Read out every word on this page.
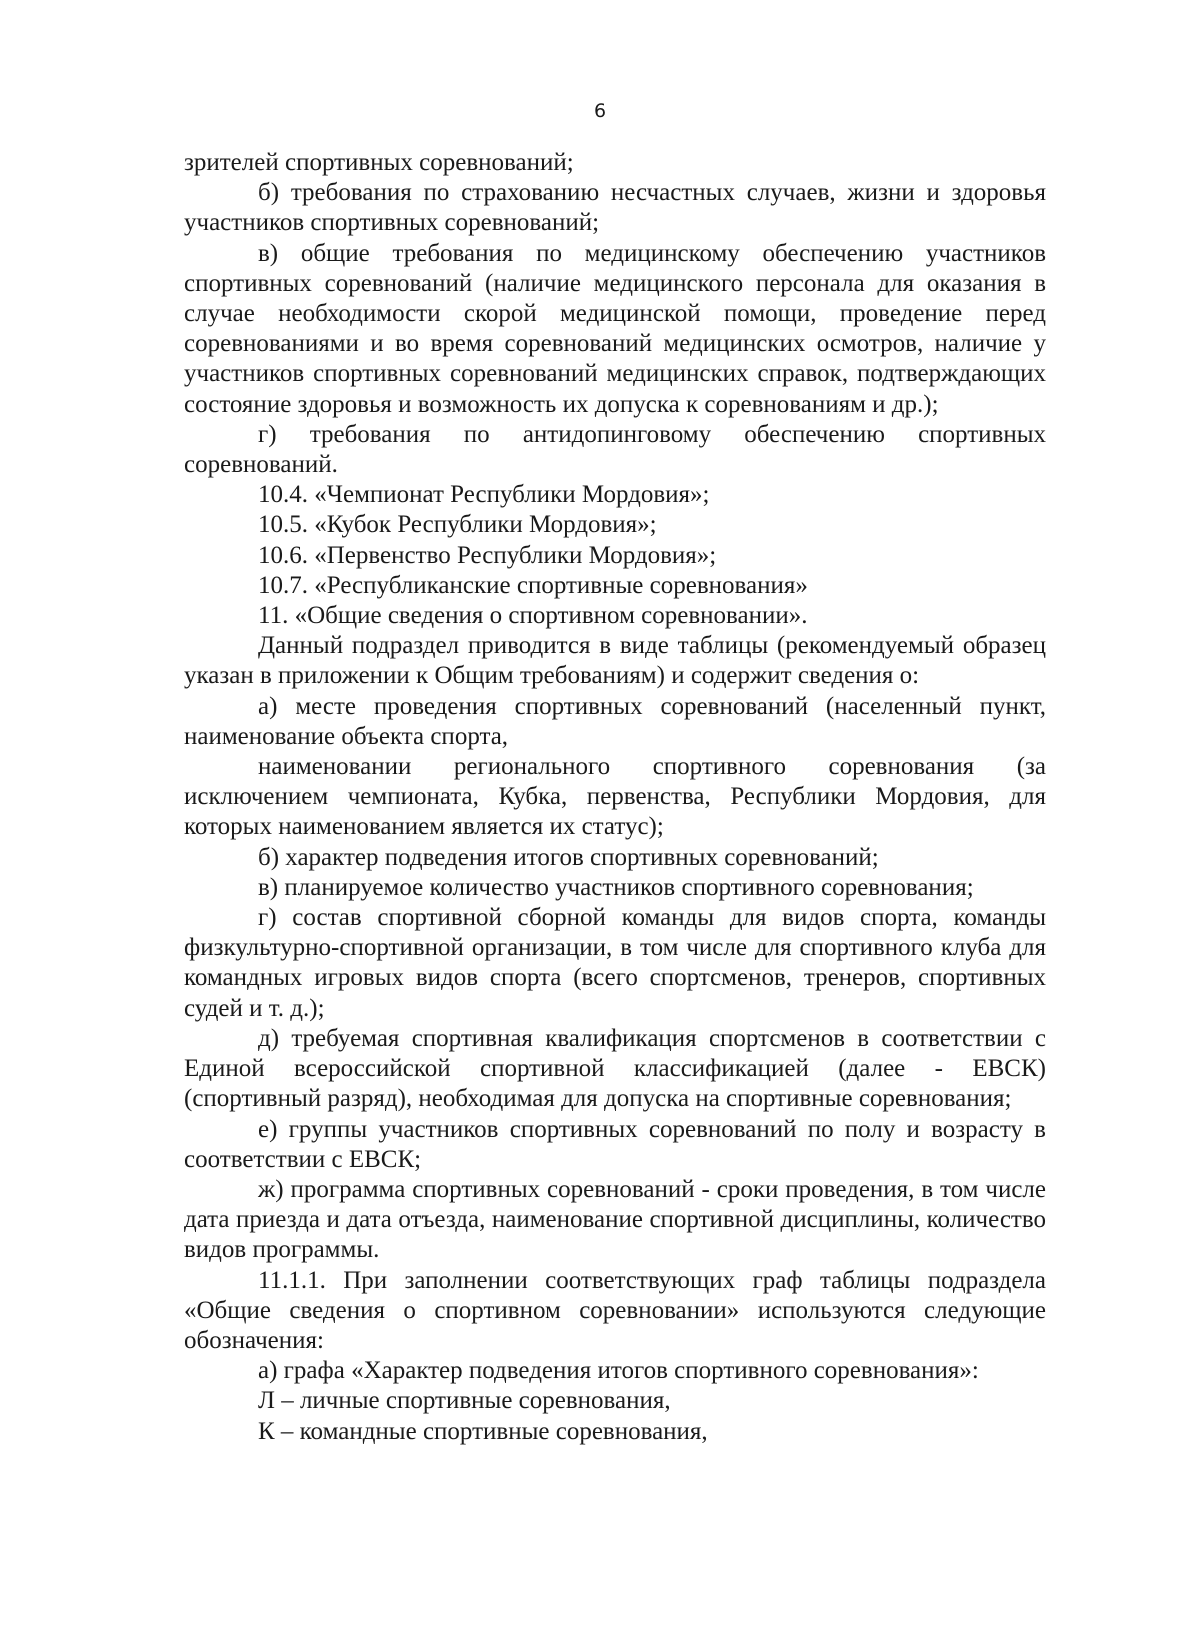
6

зрителей спортивных соревнований;

б) требования по страхованию несчастных случаев, жизни и здоровья участников спортивных соревнований;

в) общие требования по медицинскому обеспечению участников спортивных соревнований (наличие медицинского персонала для оказания в случае необходимости скорой медицинской помощи, проведение перед соревнованиями и во время соревнований медицинских осмотров, наличие у участников спортивных соревнований медицинских справок, подтверждающих состояние здоровья и возможность их допуска к соревнованиям и др.);

г) требования по антидопинговому обеспечению спортивных соревнований.

10.4. «Чемпионат Республики Мордовия»;

10.5. «Кубок Республики Мордовия»;

10.6. «Первенство Республики Мордовия»;

10.7. «Республиканские спортивные соревнования»

11. «Общие сведения о спортивном соревновании».

Данный подраздел приводится в виде таблицы (рекомендуемый образец указан в приложении к Общим требованиям) и содержит сведения о:

а) месте проведения спортивных соревнований (населенный пункт, наименование объекта спорта,

наименовании регионального спортивного соревнования (за исключением чемпионата, Кубка, первенства, Республики Мордовия, для которых наименованием является их статус);

б) характер подведения итогов спортивных соревнований;

в) планируемое количество участников спортивного соревнования;

г) состав спортивной сборной команды для видов спорта, команды физкультурно-спортивной организации, в том числе для спортивного клуба для командных игровых видов спорта (всего спортсменов, тренеров, спортивных судей и т. д.);

д) требуемая спортивная квалификация спортсменов в соответствии с Единой всероссийской спортивной классификацией (далее - ЕВСК) (спортивный разряд), необходимая для допуска на спортивные соревнования;

е) группы участников спортивных соревнований по полу и возрасту в соответствии с ЕВСК;

ж) программа спортивных соревнований - сроки проведения, в том числе дата приезда и дата отъезда, наименование спортивной дисциплины, количество видов программы.

11.1.1. При заполнении соответствующих граф таблицы подраздела «Общие сведения о спортивном соревновании» используются следующие обозначения:

а) графа «Характер подведения итогов спортивного соревнования»:

Л – личные спортивные соревнования,

К – командные спортивные соревнования,
